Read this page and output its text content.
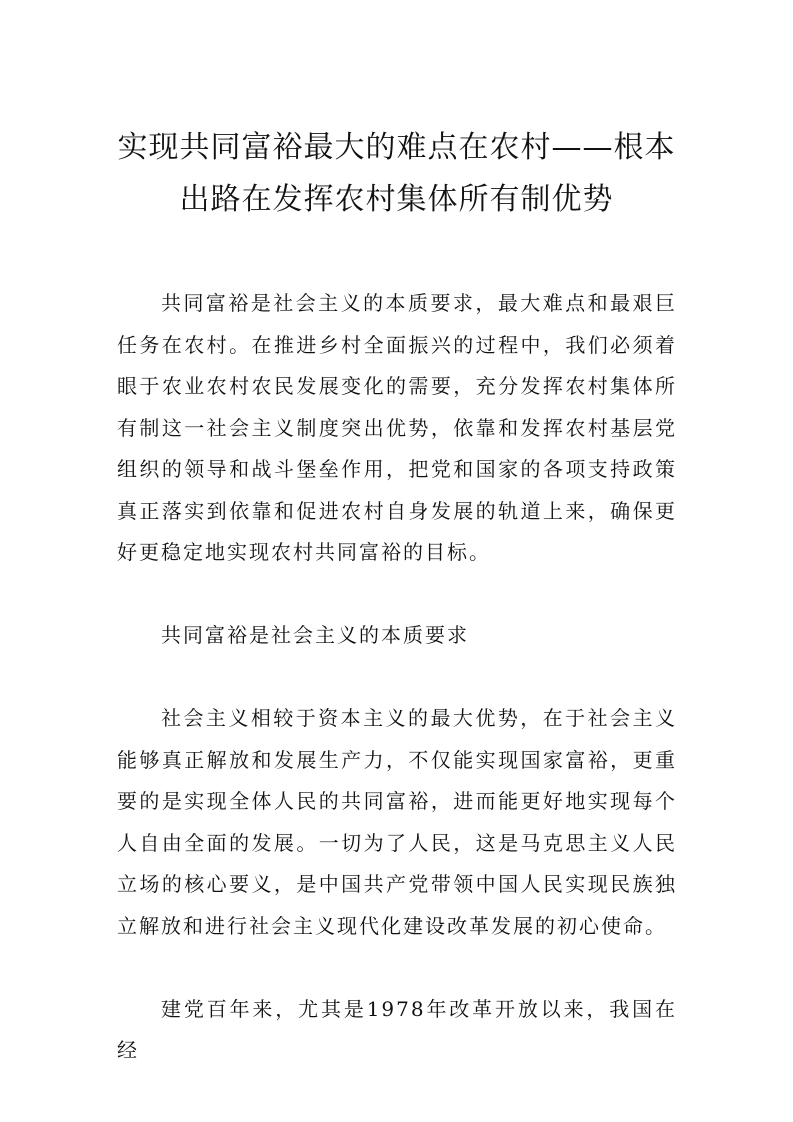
实现共同富裕最大的难点在农村——根本
出路在发挥农村集体所有制优势

共同富裕是社会主义的本质要求，最大难点和最艰巨任务在农村。在推进乡村全面振兴的过程中，我们必须着眼于农业农村农民发展变化的需要，充分发挥农村集体所有制这一社会主义制度突出优势，依靠和发挥农村基层党组织的领导和战斗堡垒作用，把党和国家的各项支持政策真正落实到依靠和促进农村自身发展的轨道上来，确保更好更稳定地实现农村共同富裕的目标。

共同富裕是社会主义的本质要求

社会主义相较于资本主义的最大优势，在于社会主义能够真正解放和发展生产力，不仅能实现国家富裕，更重要的是实现全体人民的共同富裕，进而能更好地实现每个人自由全面的发展。一切为了人民，这是马克思主义人民立场的核心要义，是中国共产党带领中国人民实现民族独立解放和进行社会主义现代化建设改革发展的初心使命。

建党百年来，尤其是1978年改革开放以来，我国在经
